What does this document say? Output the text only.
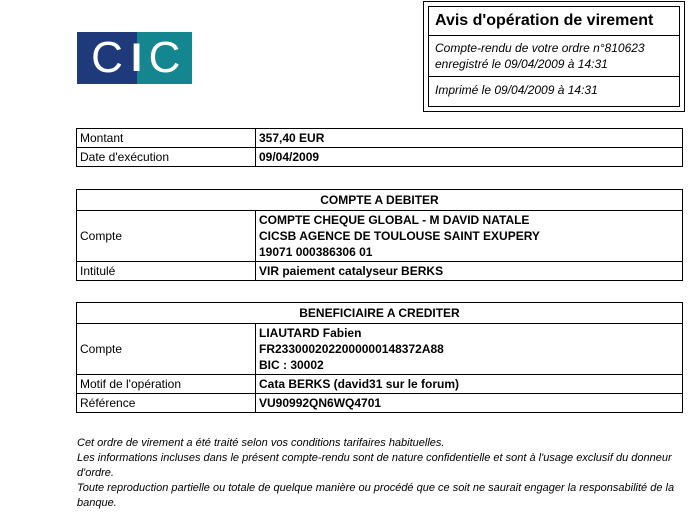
C C
I
Avis d'opération de virement
Compte-rendu de votre ordre n°810623
enregistré le 09/04/2009 à 14:31
Imprimé le 09/04/2009 à 14:31
Montant	357,40 EUR
Date d'exécution	09/04/2009
COMPTE A DEBITER	
Compte	COMPTE CHEQUE GLOBAL - M DAVID NATALE
CICSB AGENCE DE TOULOUSE SAINT EXUPERY
19071 000386306 01

Intitulé	VIR paiement catalyseur BERKS
BENEFICIAIRE A CREDITER	
Compte	LIAUTARD Fabien
FR2330002022000000148372A88
BIC : 30002

Motif de l'opération	Cata BERKS (david31 sur le forum)
Référence	VU90992QN6WQ4701
Cet ordre de virement a été traité selon vos conditions tarifaires habituelles.
Les informations incluses dans le présent compte-rendu sont de nature confidentielle et sont à l'usage exclusif du donneur d'ordre.
Toute reproduction partielle ou totale de quelque manière ou procédé que ce soit ne saurait engager la responsabilité de la banque.
